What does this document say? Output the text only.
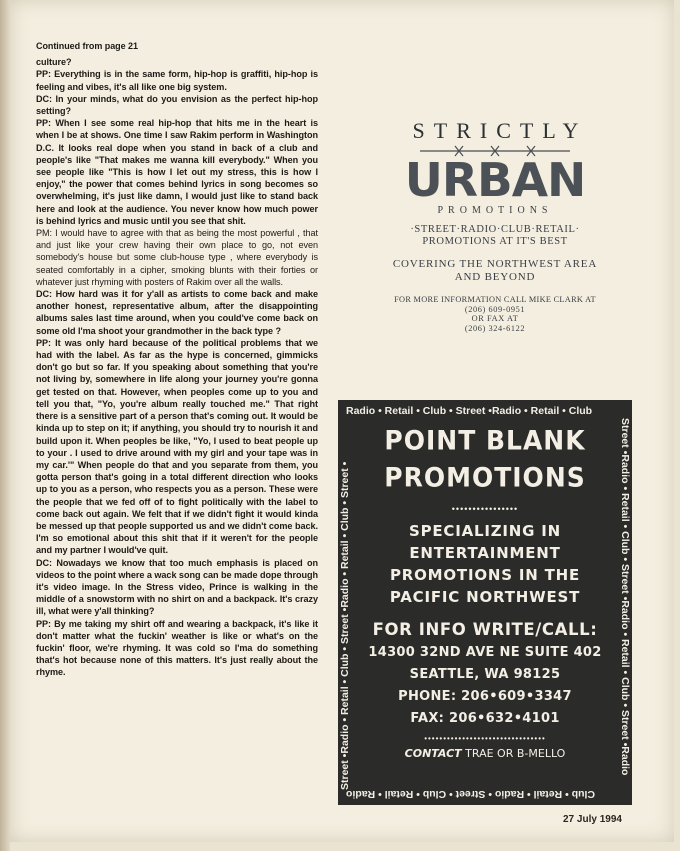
Continued from page 21

culture?

PP: Everything is in the same form, hip-hop is graffiti, hip-hop is feeling and vibes, it's all like one big system.

DC: In your minds, what do you envision as the perfect hip-hop setting?

PP: When I see some real hip-hop that hits me in the heart is when I be at shows. One time I saw Rakim perform in Washington D.C. It looks real dope when you stand in back of a club and people's like "That makes me wanna kill everybody." When you see people like "This is how I let out my stress, this is how I enjoy," the power that comes behind lyrics in song becomes so overwhelming, it's just like damn, I would just like to stand back here and look at the audience. You never know how much power is behind lyrics and music until you see that shit.

PM: I would have to agree with that as being the most powerful , that and just like your crew having their own place to go, not even somebody's house but some club-house type , where everybody is seated comfortably in a cipher, smoking blunts with their forties or whatever just rhyming with posters of Rakim over all the walls.

DC: How hard was it for y'all as artists to come back and make another honest, representative album, after the disappointing albums sales last time around, when you could've come back on some old I'ma shoot your grandmother in the back type ?

PP: It was only hard because of the political problems that we had with the label. As far as the hype is concerned, gimmicks don't go but so far. If you speaking about something that you're not living by, somewhere in life along your journey you're gonna get tested on that. However, when peoples come up to you and tell you that, "Yo, you're album really touched me." That right there is a sensitive part of a person that's coming out. It would be kinda up to step on it; if anything, you should try to nourish it and build upon it. When peoples be like, "Yo, I used to beat people up to your . I used to drive around with my girl and your tape was in my car.'" When people do that and you separate from them, you gotta person that's going in a total different direction who looks up to you as a person, who respects you as a person. These were the people that we fed off of to fight politically with the label to come back out again. We felt that if we didn't fight it would kinda be messed up that people supported us and we didn't come back. I'm so emotional about this shit that if it weren't for the people and my partner I would've quit.

DC: Nowadays we know that too much emphasis is placed on videos to the point where a wack song can be made dope through it's video image. In the Stress video, Prince is walking in the middle of a snowstorm with no shirt on and a backpack. It's crazy ill, what were y'all thinking?

PP: By me taking my shirt off and wearing a backpack, it's like it don't matter what the fuckin' weather is like or what's on the fuckin' floor, we're rhyming. It was cold so I'ma do something that's hot because none of this matters. It's just really about the rhyme.

STRICTLY
URBAN
PROMOTIONS
·STREET·RADIO·CLUB·RETAIL·
PROMOTIONS AT IT'S BEST
COVERING THE NORTHWEST AREA
AND BEYOND
FOR MORE INFORMATION CALL MIKE CLARK AT
(206) 609-0951
OR FAX AT
(206) 324-6122
Radio • Retail • Club • Street •Radio • Retail • Club
Street •Radio • Retail • Club • Street •Radio • Retail • Club • Street •Radio
Street •Radio • Retail • Club • Street •Radio • Retail • Club • Street •
Club • Retail • Radio • Street • Club • Retail • Radio
POINT BLANK
PROMOTIONS
••••••••••••••••
SPECIALIZING IN
ENTERTAINMENT
PROMOTIONS IN THE
PACIFIC NORTHWEST
FOR INFO WRITE/CALL:
14300 32ND AVE NE SUITE 402
SEATTLE, WA 98125
PHONE: 206•609•3347
FAX: 206•632•4101
••••••••••••••••••••••••••••••••
CONTACT TRAE OR B-MELLO
27 July 1994
